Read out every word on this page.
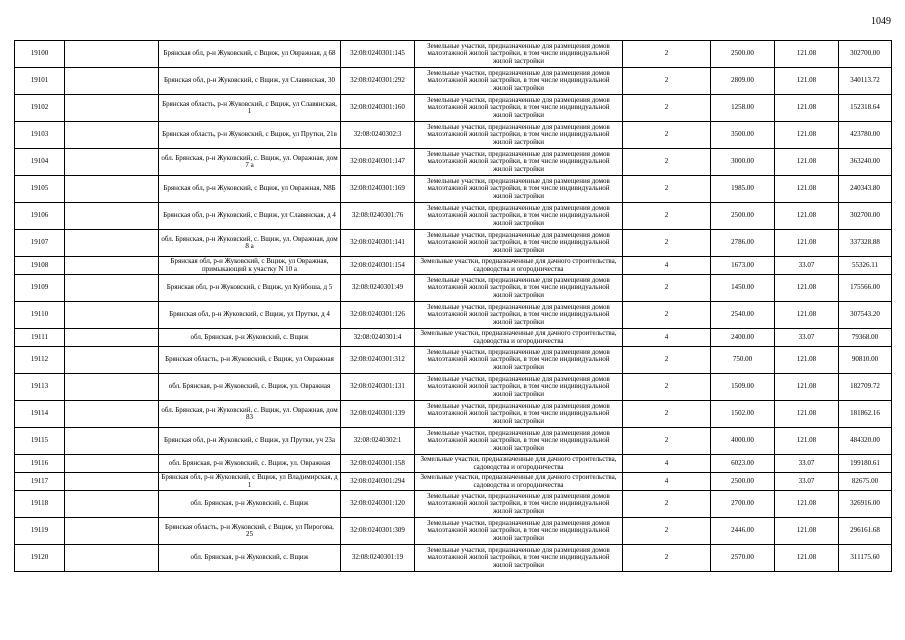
1049
19100		Брянская обл, р-н Жуковский, с Вщиж, ул Овражная, д 68	32:08:0240301:145	Земельные участки, предназначенные для размещения домов малоэтажной жилой застройки, в том числе индивидуальной жилой застройки	2	2500.00	121.08	302700.00
19101		Брянская обл, р-н Жуковский, с Вщиж, ул Славянская, 30	32:08:0240301:292	Земельные участки, предназначенные для размещения домов малоэтажной жилой застройки, в том числе индивидуальной жилой застройки	2	2809.00	121.08	340113.72
19102		Брянская область, р-н Жуковский, с Вщиж, ул Славянская, 1	32:08:0240301:160	Земельные участки, предназначенные для размещения домов малоэтажной жилой застройки, в том числе индивидуальной жилой застройки	2	1258.00	121.08	152318.64
19103		Брянская область, р-н Жуковский, с Вщиж, ул Прутки, 21в	32:08:0240302:3	Земельные участки, предназначенные для размещения домов малоэтажной жилой застройки, в том числе индивидуальной жилой застройки	2	3500.00	121.08	423780.00
19104		обл. Брянская, р-н Жуковский, с. Вщиж, ул. Овражная, дом 7 а	32:08:0240301:147	Земельные участки, предназначенные для размещения домов малоэтажной жилой застройки, в том числе индивидуальной жилой застройки	2	3000.00	121.08	363240.00
19105		Брянская обл, р-н Жуковский, с Вщиж, ул Овражная, N8Б	32:08:0240301:169	Земельные участки, предназначенные для размещения домов малоэтажной жилой застройки, в том числе индивидуальной жилой застройки	2	1985.00	121.08	240343.80
19106		Брянская обл, р-н Жуковский, с Вщиж, ул Славянская, д 4	32:08:0240301:76	Земельные участки, предназначенные для размещения домов малоэтажной жилой застройки, в том числе индивидуальной жилой застройки	2	2500.00	121.08	302700.00
19107		обл. Брянская, р-н Жуковский, с. Вщиж, ул. Овражная, дом 8 а	32:08:0240301:141	Земельные участки, предназначенные для размещения домов малоэтажной жилой застройки, в том числе индивидуальной жилой застройки	2	2786.00	121.08	337328.88
19108		Брянская обл, р-н Жуковский, с Вщиж, ул Овражная, примыкающий к участку N 10 а	32:08:0240301:154	Земельные участки, предназначенные для дачного строительства, садоводства и огородничества	4	1673.00	33.07	55326.11
19109		Брянская обл, р-н Жуковский, с Вщиж, ул Куйбоша, д 5	32:08:0240301:49	Земельные участки, предназначенные для размещения домов малоэтажной жилой застройки, в том числе индивидуальной жилой застройки	2	1450.00	121.08	175566.00
19110		Брянская обл, р-н Жуковский, с Вщиж, ул Прутки, д 4	32:08:0240301:126	Земельные участки, предназначенные для размещения домов малоэтажной жилой застройки, в том числе индивидуальной жилой застройки	2	2540.00	121.08	307543.20
19111		обл. Брянская, р-н Жуковский, с. Вщиж	32:08:0240301:4	Земельные участки, предназначенные для дачного строительства, садоводства и огородничества	4	2400.00	33.07	79368.00
19112		Брянская область, р-н Жуковский, с Вщиж, ул Овражная	32:08:0240301:312	Земельные участки, предназначенные для размещения домов малоэтажной жилой застройки, в том числе индивидуальной жилой застройки	2	750.00	121.08	90810.00
19113		обл. Брянская, р-н Жуковский, с. Вщиж, ул. Овражная	32:08:0240301:131	Земельные участки, предназначенные для размещения домов малоэтажной жилой застройки, в том числе индивидуальной жилой застройки	2	1509.00	121.08	182709.72
19114		обл. Брянская, р-н Жуковский, с. Вщиж, ул. Овражная, дом 83	32:08:0240301:139	Земельные участки, предназначенные для размещения домов малоэтажной жилой застройки, в том числе индивидуальной жилой застройки	2	1502.00	121.08	181862.16
19115		Брянская обл, р-н Жуковский, с Вщиж, ул Прутки, уч 23а	32:08:0240302:1	Земельные участки, предназначенные для размещения домов малоэтажной жилой застройки, в том числе индивидуальной жилой застройки	2	4000.00	121.08	484320.00
19116		обл. Брянская, р-н Жуковский, с. Вщиж, ул. Овражная	32:08:0240301:158	Земельные участки, предназначенные для дачного строительства, садоводства и огородничества	4	6023.00	33.07	199180.61
19117		Брянская обл, р-н Жуковский, с Вщиж, ул Владимирская, д 1	32:08:0240301:294	Земельные участки, предназначенные для дачного строительства, садоводства и огородничества	4	2500.00	33.07	82675.00
19118		обл. Брянская, р-н Жуковский, с. Вщиж	32:08:0240301:120	Земельные участки, предназначенные для размещения домов малоэтажной жилой застройки, в том числе индивидуальной жилой застройки	2	2700.00	121.08	326916.00
19119		Брянская область, р-н Жуковский, с Вщиж, ул Пирогова, 25	32:08:0240301:309	Земельные участки, предназначенные для размещения домов малоэтажной жилой застройки, в том числе индивидуальной жилой застройки	2	2446.00	121.08	296161.68
19120		обл. Брянская, р-н Жуковский, с. Вщиж	32:08:0240301:19	Земельные участки, предназначенные для размещения домов малоэтажной жилой застройки, в том числе индивидуальной жилой застройки	2	2570.00	121.08	311175.60
